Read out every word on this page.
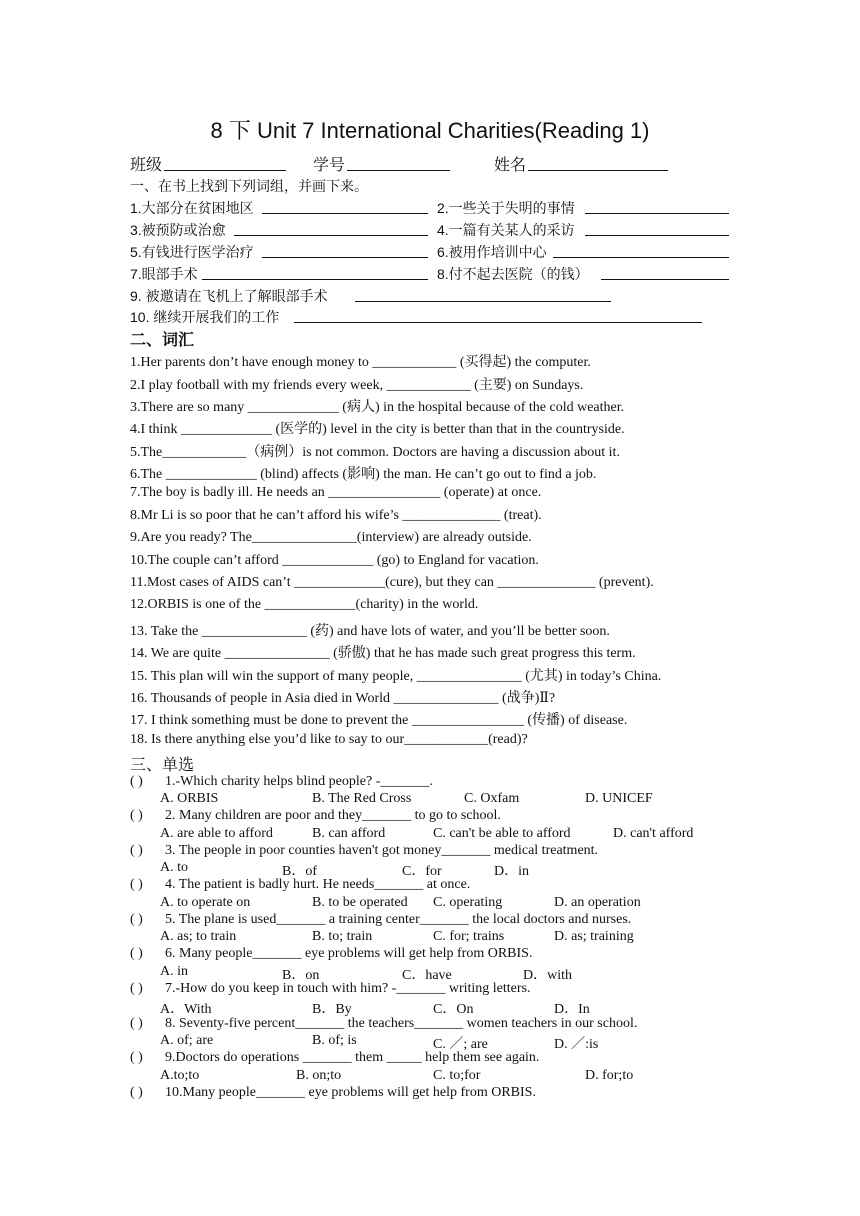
8 下 Unit 7 International Charities(Reading 1)
班级	学号	姓名
一、在书上找到下列词组，并画下来。
1.大部分在贫困地区	2.一些关于失明的事情
3.被预防或治愈	4.一篇有关某人的采访
5.有钱进行医学治疗	6.被用作培训中心
7.眼部手术	8.付不起去医院（的钱）
9. 被邀请在飞机上了解眼部手术
10. 继续开展我们的工作
二、词汇
1.Her parents don’t have enough money to ____________ (买得起) the computer.
2.I play football with my friends every week, ____________ (主要) on Sundays.
3.There are so many _____________ (病人) in the hospital because of the cold weather.
4.I think _____________ (医学的) level in the city is better than that in the countryside.
5.The____________（病例）is not common. Doctors are having a discussion about it.
6.The _____________ (blind) affects (影响) the man. He can’t go out to find a job.
7.The boy is badly ill. He needs an ________________ (operate) at once.
8.Mr Li is so poor that he can’t afford his wife’s ______________ (treat).
9.Are you ready? The_______________(interview) are already outside.
10.The couple can’t afford _____________ (go) to England for vacation.
11.Most cases of AIDS can’t _____________(cure), but they can ______________ (prevent).
12.ORBIS is one of the _____________(charity) in the world.
13. Take the _______________ (药) and have lots of water, and you’ll be better soon.
14. We are quite _______________ (骄傲) that he has made such great progress this term.
15. This plan will win the support of many people, _______________ (尤其) in today’s China.
16. Thousands of people in Asia died in World _______________ (战争)Ⅱ?
17. I think something must be done to prevent the ________________ (传播) of disease.
18. Is there anything else you’d like to say to our____________(read)?
三、单选
( ) 1.-Which charity helps blind people? -_______.
A. ORBIS	B. The Red Cross	C. Oxfam	D. UNICEF
( ) 2. Many children are poor and they_______ to go to school.
A. are able to afford	B. can afford	C. can't be able to afford	D. can't afford
( ) 3. The people in poor counties haven't got money_______ medical treatment.
A. to	B．of	C．for	D．in
( ) 4. The patient is badly hurt. He needs_______ at once.
A. to operate on	B. to be operated C. operating	D. an operation
( ) 5. The plane is used_______ a training center_______ the local doctors and nurses.
A. as; to train	B. to; train	C. for; trains	D. as; training
( ) 6. Many people_______ eye problems will get help from ORBIS.
A. in	B．on	C．have	D．with
( ) 7.-How do you keep in touch with him? -_______ writing letters.
A．With	B．By	C．On	D．In
( ) 8. Seventy-five percent_______ the teachers_______ women teachers in our school.
A. of; are	B. of; is	C. ／; are	D. ／:is
( ) 9.Doctors do operations _______ them _____ help them see again.
A.to;to	B. on;to	C. to;for	D. for;to
( ) 10.Many people_______ eye problems will get help from ORBIS.
